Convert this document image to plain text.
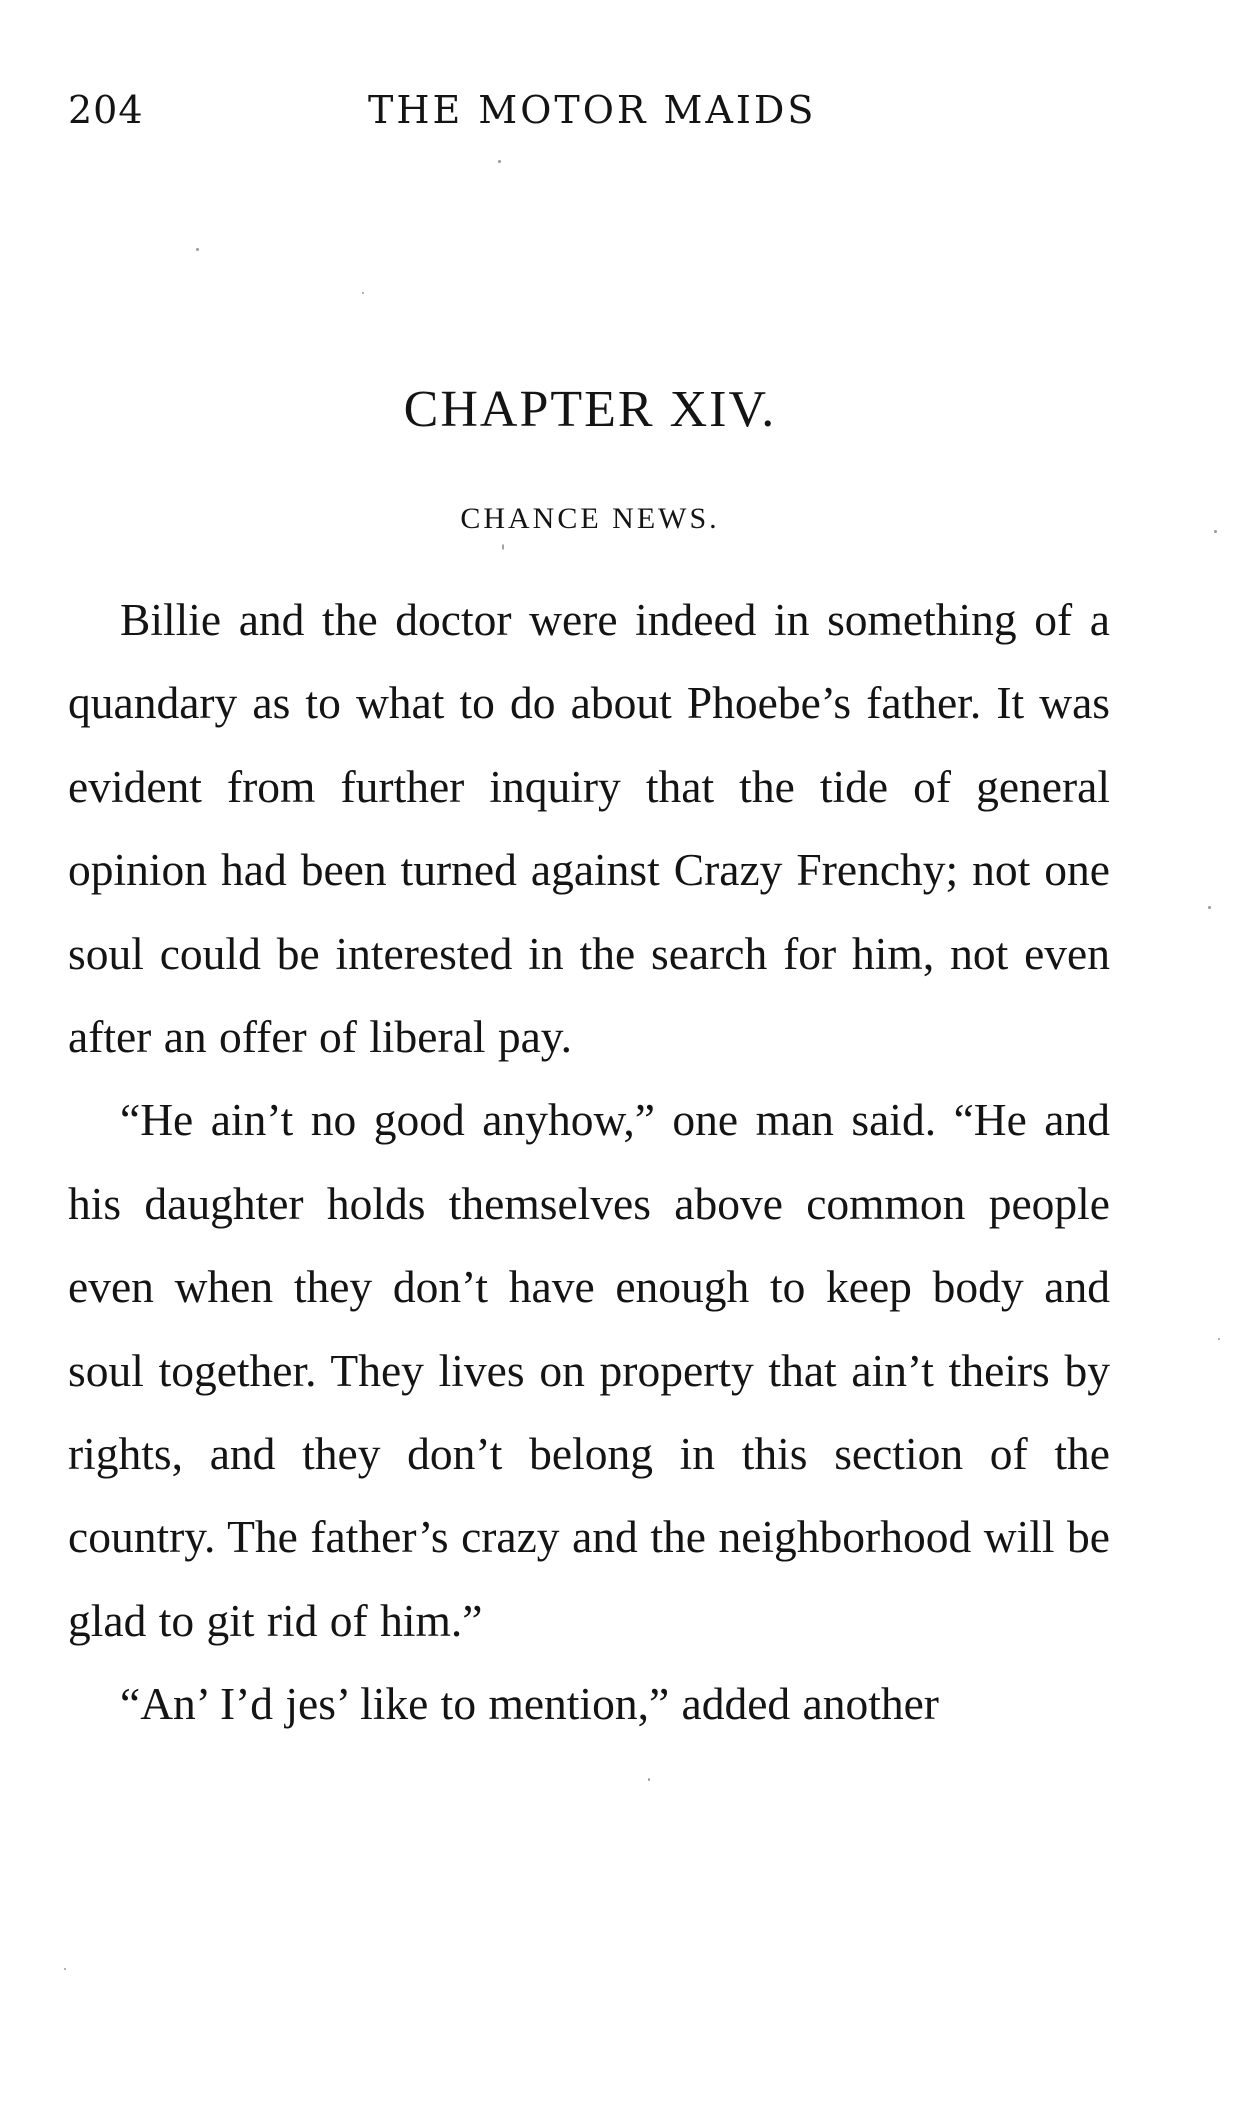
204	THE MOTOR MAIDS
CHAPTER XIV.
CHANCE NEWS.

Billie and the doctor were indeed in something of a quandary as to what to do about Phoebe’s father. It was evident from further inquiry that the tide of general opinion had been turned against Crazy Frenchy; not one soul could be interested in the search for him, not even after an offer of liberal pay.

“He ain’t no good anyhow,” one man said. “He and his daughter holds themselves above common people even when they don’t have enough to keep body and soul together. They lives on property that ain’t theirs by rights, and they don’t belong in this section of the country. The father’s crazy and the neighborhood will be glad to git rid of him.”

“An’ I’d jes’ like to mention,” added another
